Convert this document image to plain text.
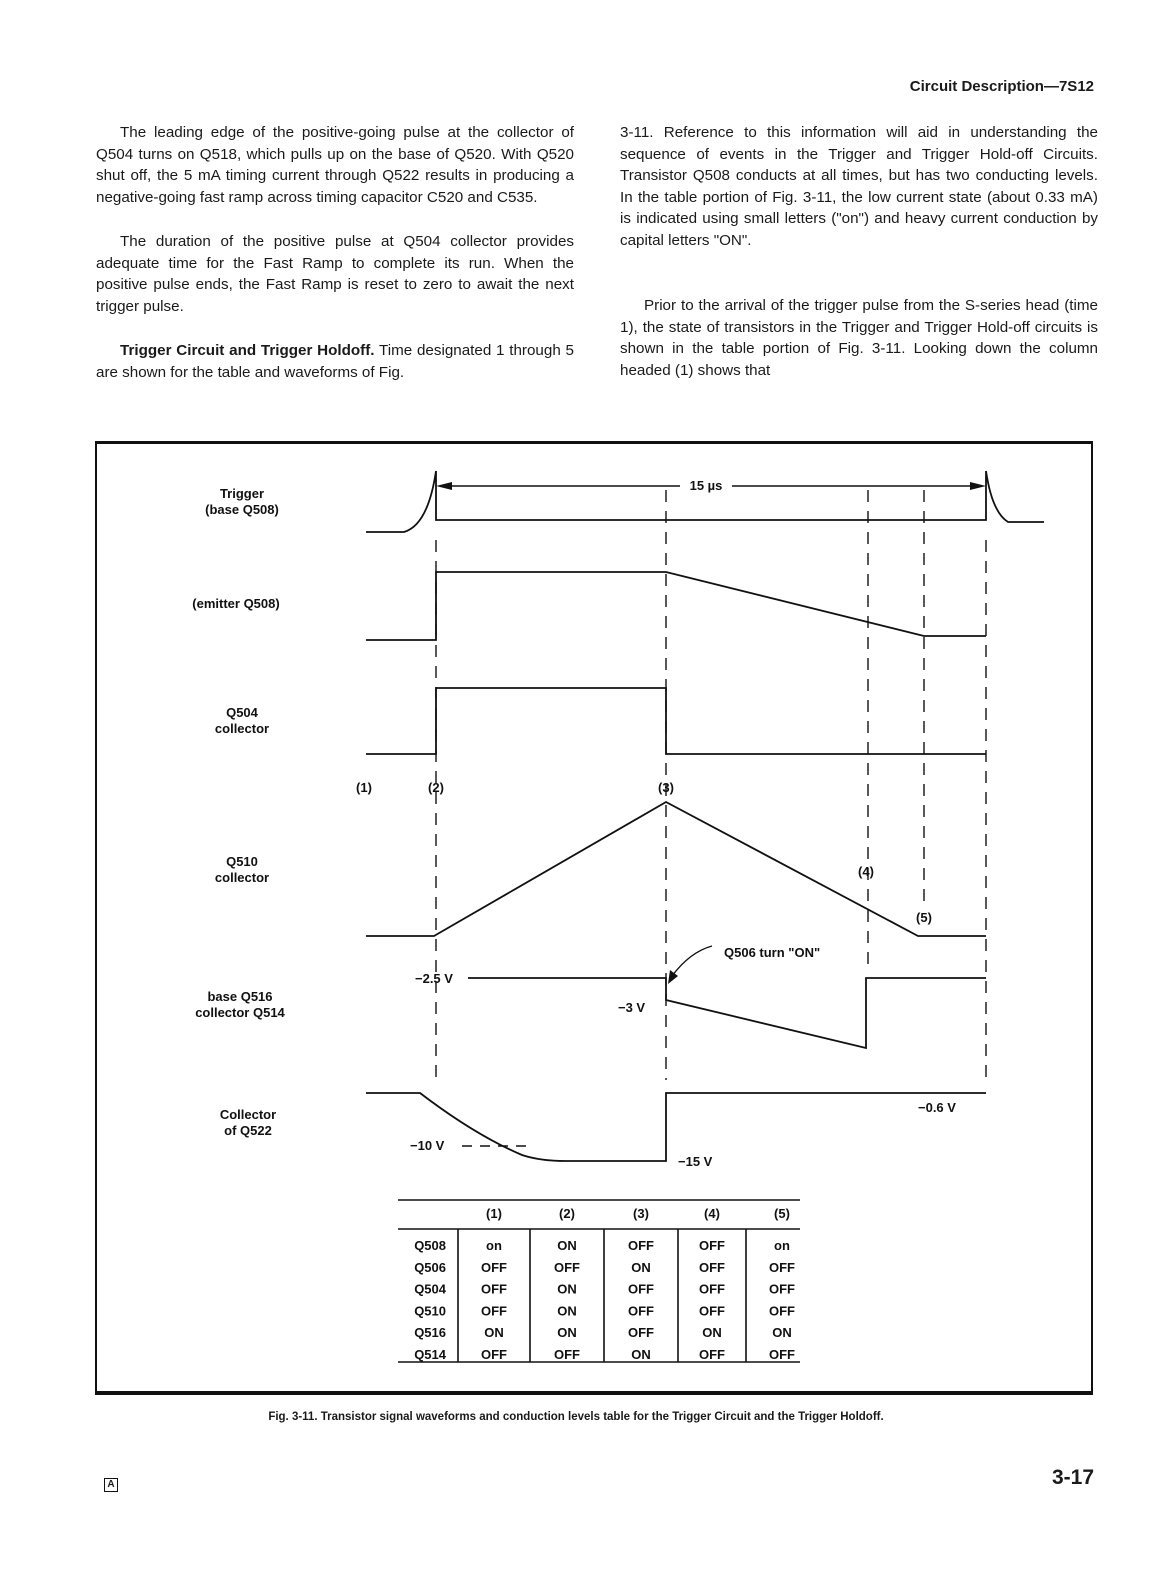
Circuit Description—7S12

The leading edge of the positive-going pulse at the collector of Q504 turns on Q518, which pulls up on the base of Q520. With Q520 shut off, the 5 mA timing current through Q522 results in producing a negative-going fast ramp across timing capacitor C520 and C535.

The duration of the positive pulse at Q504 collector provides adequate time for the Fast Ramp to complete its run. When the positive pulse ends, the Fast Ramp is reset to zero to await the next trigger pulse.

Trigger Circuit and Trigger Holdoff. Time designated 1 through 5 are shown for the table and waveforms of Fig.

3-11. Reference to this information will aid in understanding the sequence of events in the Trigger and Trigger Hold-off Circuits. Transistor Q508 conducts at all times, but has two conducting levels. In the table portion of Fig. 3-11, the low current state (about 0.33 mA) is indicated using small letters ("on") and heavy current conduction by capital letters "ON".

Prior to the arrival of the trigger pulse from the S-series head (time 1), the state of transistors in the Trigger and Trigger Hold-off circuits is shown in the table portion of Fig. 3-11. Looking down the column headed (1) shows that

Trigger
(base Q508)
(emitter Q508)
Q504
collector
Q510
collector
base Q516
collector Q514
Collector
of Q522
15 µs
(1)	(2)	(3)
(4)
(5)
Q506 turn "ON"
−2.5 V
−3 V
−10 V
−15 V
−0.6 V
(1)	(2)	(3)	(4)	(5)
Q508	on	ON	OFF	OFF	on
Q506	OFF	OFF	ON	OFF	OFF
Q504	OFF	ON	OFF	OFF	OFF
Q510	OFF	ON	OFF	OFF	OFF
Q516	ON	ON	OFF	ON	ON
Q514	OFF	OFF	ON	OFF	OFF
Fig. 3-11. Transistor signal waveforms and conduction levels table for the Trigger Circuit and the Trigger Holdoff.
A	3-17
